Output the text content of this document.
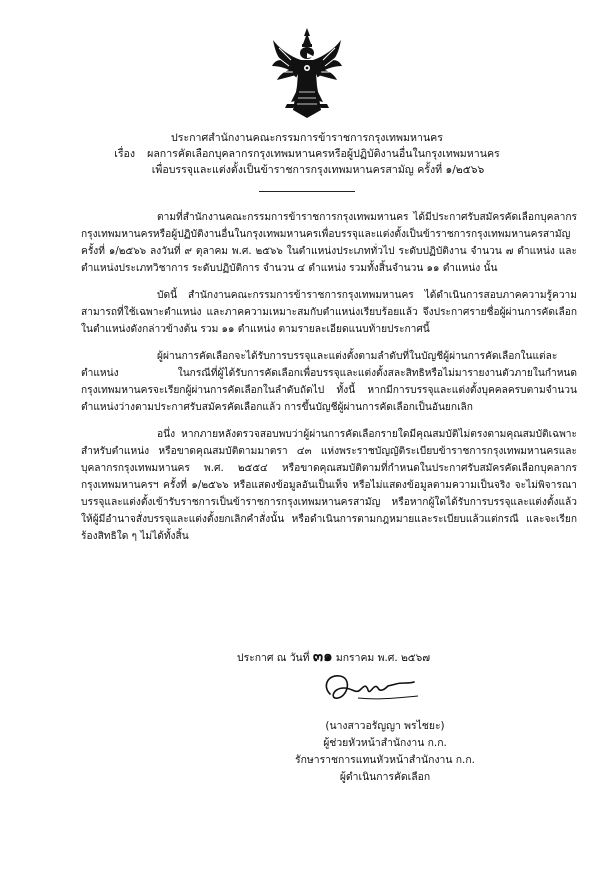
ประกาศสำนักงานคณะกรรมการข้าราชการกรุงเทพมหานคร
เรื่อง ผลการคัดเลือกบุคลากรกรุงเทพมหานครหรือผู้ปฏิบัติงานอื่นในกรุงเทพมหานคร
เพื่อบรรจุและแต่งตั้งเป็นข้าราชการกรุงเทพมหานครสามัญ ครั้งที่ ๑/๒๕๖๖

ตามที่สำนักงานคณะกรรมการข้าราชการกรุงเทพมหานคร ได้มีประกาศรับสมัครคัดเลือกบุคลากรกรุงเทพมหานครหรือผู้ปฏิบัติงานอื่นในกรุงเทพมหานครเพื่อบรรจุและแต่งตั้งเป็นข้าราชการกรุงเทพมหานครสามัญ ครั้งที่ ๑/๒๕๖๖ ลงวันที่ ๙ ตุลาคม พ.ศ. ๒๕๖๖ ในตำแหน่งประเภททั่วไป ระดับปฏิบัติงาน จำนวน ๗ ตำแหน่ง และตำแหน่งประเภทวิชาการ ระดับปฏิบัติการ จำนวน ๔ ตำแหน่ง รวมทั้งสิ้นจำนวน ๑๑ ตำแหน่ง นั้น

บัดนี้ สำนักงานคณะกรรมการข้าราชการกรุงเทพมหานคร ได้ดำเนินการสอบภาคความรู้ความสามารถที่ใช้เฉพาะตำแหน่ง และภาคความเหมาะสมกับตำแหน่งเรียบร้อยแล้ว จึงประกาศรายชื่อผู้ผ่านการคัดเลือกในตำแหน่งดังกล่าวข้างต้น รวม ๑๑ ตำแหน่ง ตามรายละเอียดแนบท้ายประกาศนี้

ผู้ผ่านการคัดเลือกจะได้รับการบรรจุและแต่งตั้งตามลำดับที่ในบัญชีผู้ผ่านการคัดเลือกในแต่ละตำแหน่ง ในกรณีที่ผู้ได้รับการคัดเลือกเพื่อบรรจุและแต่งตั้งสละสิทธิหรือไม่มารายงานตัวภายในกำหนด กรุงเทพมหานครจะเรียกผู้ผ่านการคัดเลือกในลำดับถัดไป ทั้งนี้ หากมีการบรรจุและแต่งตั้งบุคคลครบตามจำนวนตำแหน่งว่างตามประกาศรับสมัครคัดเลือกแล้ว การขึ้นบัญชีผู้ผ่านการคัดเลือกเป็นอันยกเลิก

อนึ่ง หากภายหลังตรวจสอบพบว่าผู้ผ่านการคัดเลือกรายใดมีคุณสมบัติไม่ตรงตามคุณสมบัติเฉพาะสำหรับตำแหน่ง หรือขาดคุณสมบัติตามมาตรา ๔๓ แห่งพระราชบัญญัติระเบียบข้าราชการกรุงเทพมหานครและบุคลากรกรุงเทพมหานคร พ.ศ. ๒๕๕๔ หรือขาดคุณสมบัติตามที่กำหนดในประกาศรับสมัครคัดเลือกบุคลากรกรุงเทพมหานครฯ ครั้งที่ ๑/๒๕๖๖ หรือแสดงข้อมูลอันเป็นเท็จ หรือไม่แสดงข้อมูลตามความเป็นจริง จะไม่พิจารณาบรรจุและแต่งตั้งเข้ารับราชการเป็นข้าราชการกรุงเทพมหานครสามัญ หรือหากผู้ใดได้รับการบรรจุและแต่งตั้งแล้ว ให้ผู้มีอำนาจสั่งบรรจุและแต่งตั้งยกเลิกคำสั่งนั้น หรือดำเนินการตามกฎหมายและระเบียบแล้วแต่กรณี และจะเรียกร้องสิทธิใด ๆ ไม่ได้ทั้งสิ้น

ประกาศ ณ วันที่ ๓๑ มกราคม พ.ศ. ๒๕๖๗
(นางสาวอรัญญา พรไชยะ)
ผู้ช่วยหัวหน้าสำนักงาน ก.ก.
รักษาราชการแทนหัวหน้าสำนักงาน ก.ก.
ผู้ดำเนินการคัดเลือก
